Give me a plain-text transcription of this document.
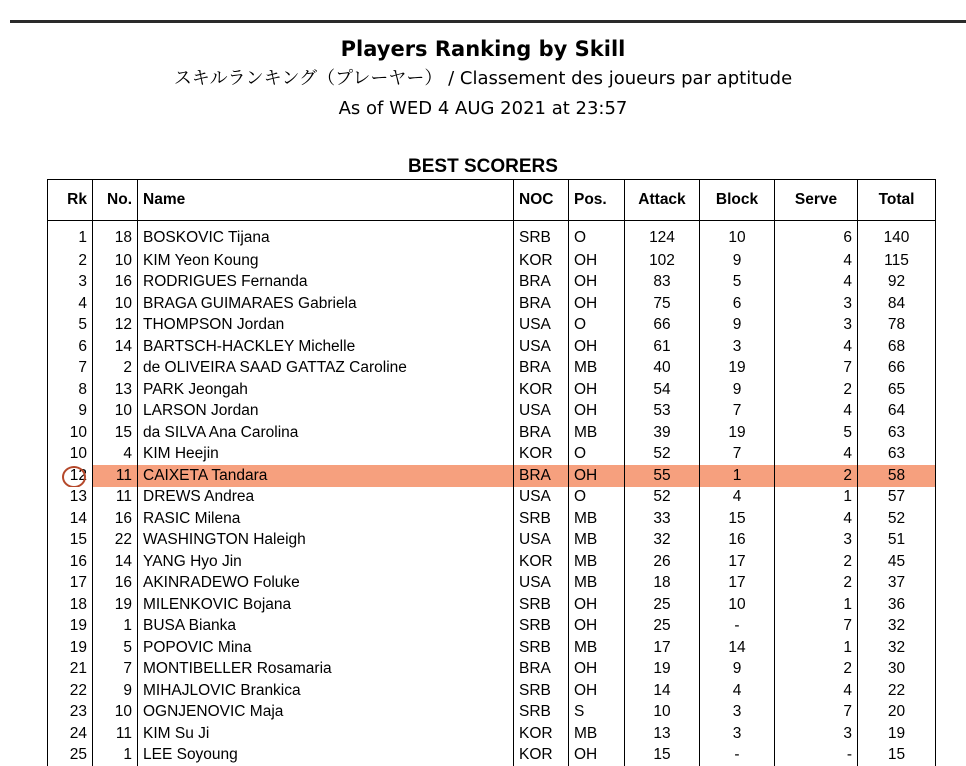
Players Ranking by Skill
スキルランキング（プレーヤー） / Classement des joueurs par aptitude
As of WED 4 AUG 2021 at 23:57
BEST SCORERS
Rk	No.	Name	NOC	Pos.	Attack	Block	Serve	Total
1	18	BOSKOVIC Tijana	SRB	O	124	10	6	140
2	10	KIM Yeon Koung	KOR	OH	102	9	4	115
3	16	RODRIGUES Fernanda	BRA	OH	83	5	4	92
4	10	BRAGA GUIMARAES Gabriela	BRA	OH	75	6	3	84
5	12	THOMPSON Jordan	USA	O	66	9	3	78
6	14	BARTSCH-HACKLEY Michelle	USA	OH	61	3	4	68
7	2	de OLIVEIRA SAAD GATTAZ Caroline	BRA	MB	40	19	7	66
8	13	PARK Jeongah	KOR	OH	54	9	2	65
9	10	LARSON Jordan	USA	OH	53	7	4	64
10	15	da SILVA Ana Carolina	BRA	MB	39	19	5	63
10	4	KIM Heejin	KOR	O	52	7	4	63
12	11	CAIXETA Tandara	BRA	OH	55	1	2	58
13	11	DREWS Andrea	USA	O	52	4	1	57
14	16	RASIC Milena	SRB	MB	33	15	4	52
15	22	WASHINGTON Haleigh	USA	MB	32	16	3	51
16	14	YANG Hyo Jin	KOR	MB	26	17	2	45
17	16	AKINRADEWO Foluke	USA	MB	18	17	2	37
18	19	MILENKOVIC Bojana	SRB	OH	25	10	1	36
19	1	BUSA Bianka	SRB	OH	25	-	7	32
19	5	POPOVIC Mina	SRB	MB	17	14	1	32
21	7	MONTIBELLER Rosamaria	BRA	OH	19	9	2	30
22	9	MIHAJLOVIC Brankica	SRB	OH	14	4	4	22
23	10	OGNJENOVIC Maja	SRB	S	10	3	7	20
24	11	KIM Su Ji	KOR	MB	13	3	3	19
25	1	LEE Soyoung	KOR	OH	15	-	-	15
